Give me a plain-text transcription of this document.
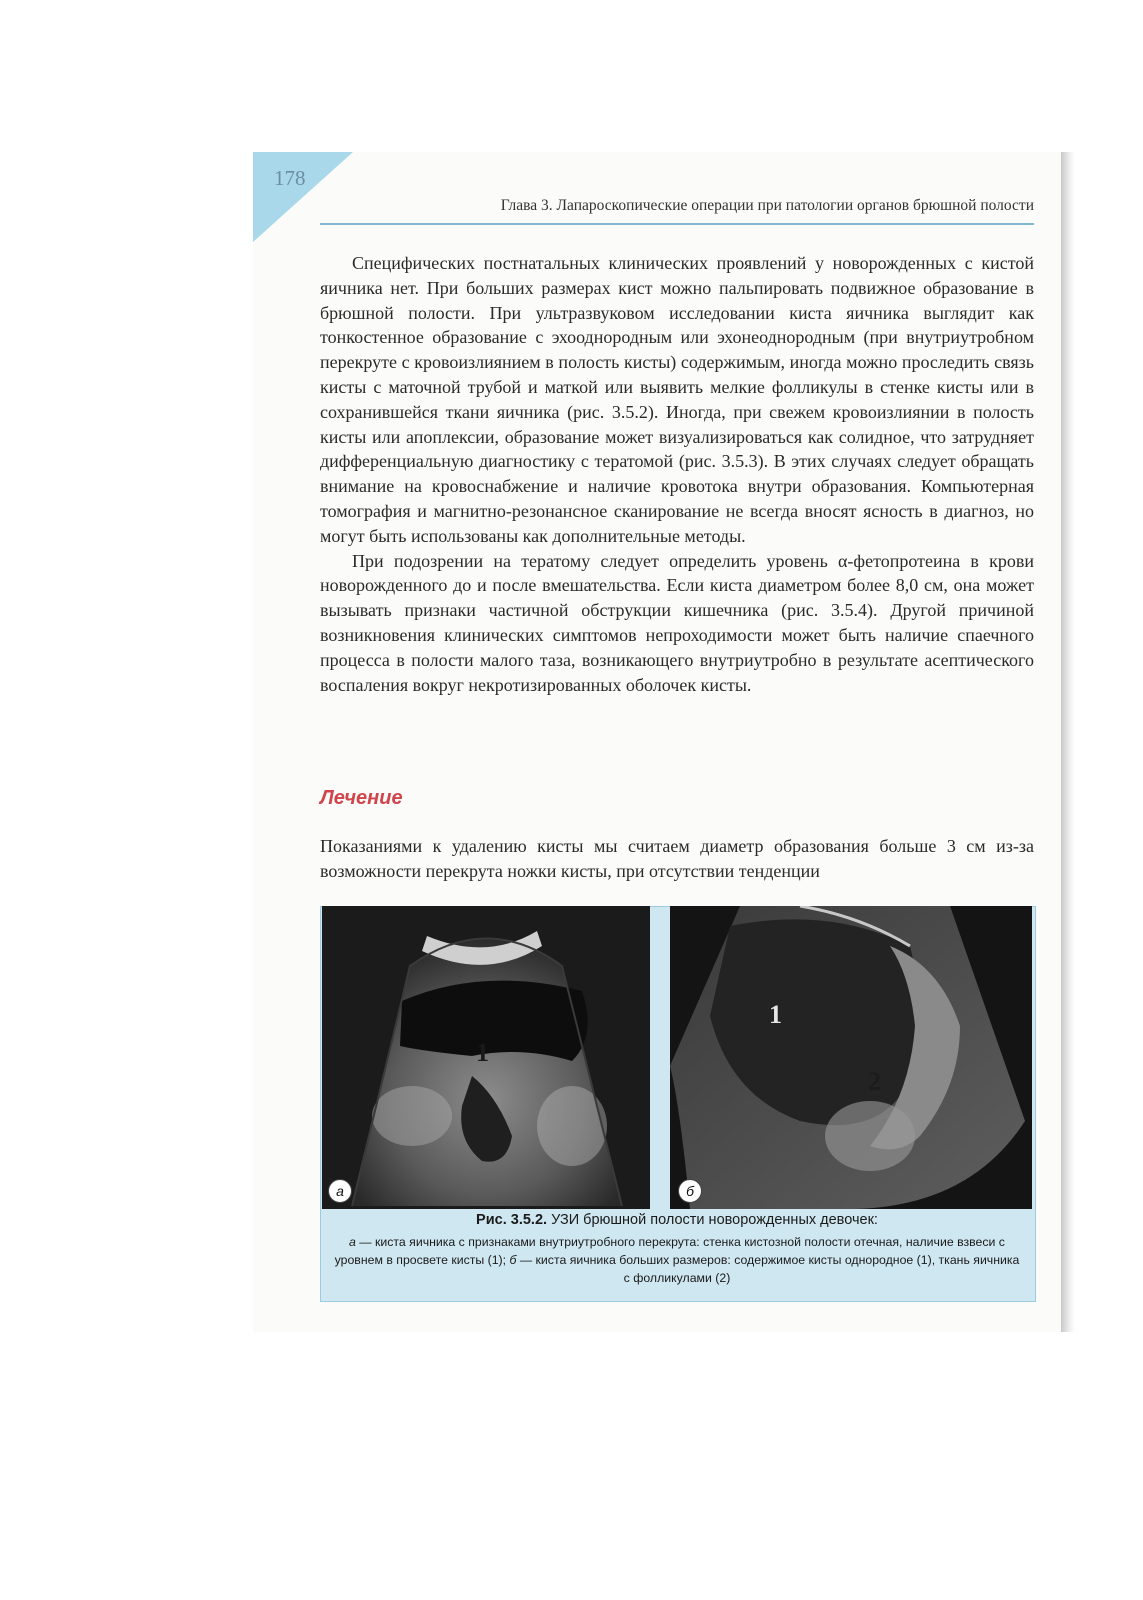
178
Глава 3. Лапароскопические операции при патологии органов брюшной полости

Специфических постнатальных клинических проявлений у новорожденных с кистой яичника нет. При больших размерах кист можно пальпировать подвижное образование в брюшной полости. При ультразвуковом исследовании киста яичника выглядит как тонкостенное образование с эхооднородным или эхонеоднородным (при внутриутробном перекруте с кровоизлиянием в полость кисты) содержимым, иногда можно проследить связь кисты с маточной трубой и маткой или выявить мелкие фолликулы в стенке кисты или в сохранившейся ткани яичника (рис. 3.5.2). Иногда, при свежем кровоизлиянии в полость кисты или апоплексии, образование может визуализироваться как солидное, что затрудняет дифференциальную диагностику с тератомой (рис. 3.5.3). В этих случаях следует обращать внимание на кровоснабжение и наличие кровотока внутри образования. Компьютерная томография и магнитно-резонансное сканирование не всегда вносят ясность в диагноз, но могут быть использованы как дополнительные методы.

При подозрении на тератому следует определить уровень α-фетопротеина в крови новорожденного до и после вмешательства. Если киста диаметром более 8,0 см, она может вызывать признаки частичной обструкции кишечника (рис. 3.5.4). Другой причиной возникновения клинических симптомов непроходимости может быть наличие спаечного процесса в полости малого таза, возникающего внутриутробно в результате асептического воспаления вокруг некротизированных оболочек кисты.

Лечение

Показаниями к удалению кисты мы считаем диаметр образования больше 3 см из-за возможности перекрута ножки кисты, при отсутствии тенденции

1
1
2
а	б
Рис. 3.5.2. УЗИ брюшной полости новорожденных девочек:
а — киста яичника с признаками внутриутробного перекрута: стенка кистозной полости отечная, наличие взвеси с уровнем в просвете кисты (1); б — киста яичника больших размеров: содержимое кисты однородное (1), ткань яичника с фолликулами (2)
